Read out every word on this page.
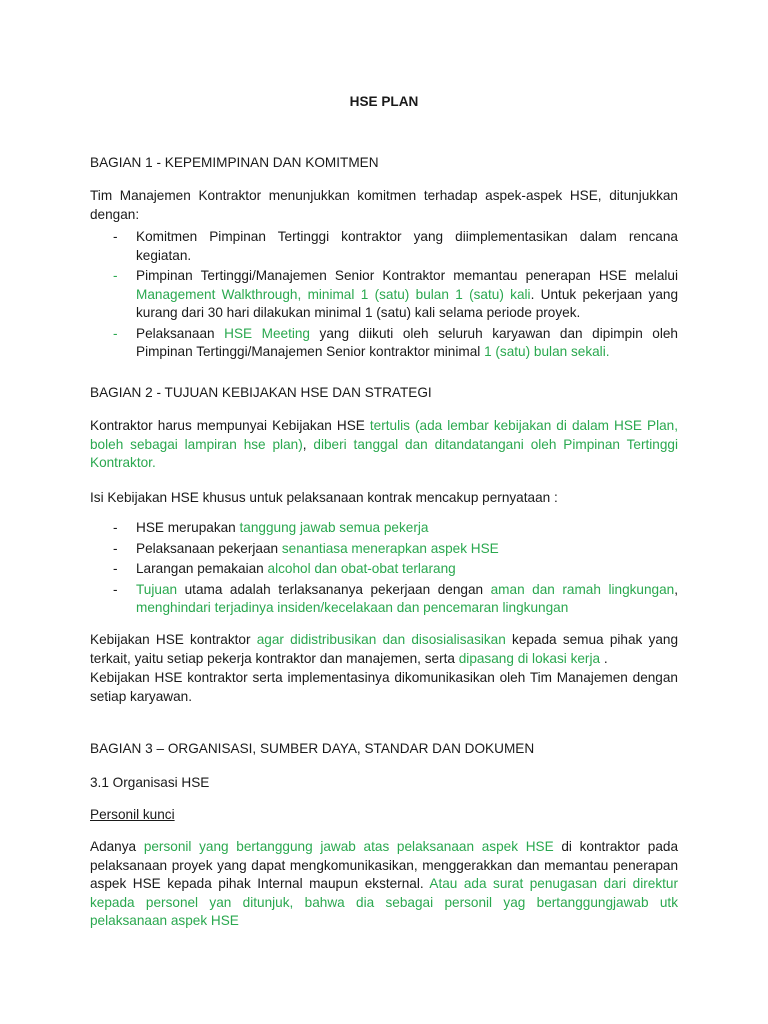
HSE PLAN
BAGIAN 1 - KEPEMIMPINAN DAN KOMITMEN
Tim Manajemen Kontraktor menunjukkan komitmen terhadap aspek-aspek HSE, ditunjukkan dengan:
- Komitmen Pimpinan Tertinggi kontraktor yang diimplementasikan dalam rencana kegiatan.
- Pimpinan Tertinggi/Manajemen Senior Kontraktor memantau penerapan HSE melalui Management Walkthrough, minimal 1 (satu) bulan 1 (satu) kali. Untuk pekerjaan yang kurang dari 30 hari dilakukan minimal 1 (satu) kali selama periode proyek.
- Pelaksanaan HSE Meeting yang diikuti oleh seluruh karyawan dan dipimpin oleh Pimpinan Tertinggi/Manajemen Senior kontraktor minimal 1 (satu) bulan sekali.
BAGIAN 2 - TUJUAN KEBIJAKAN HSE DAN STRATEGI
Kontraktor harus mempunyai Kebijakan HSE tertulis (ada lembar kebijakan di dalam HSE Plan, boleh sebagai lampiran hse plan), diberi tanggal dan ditandatangani oleh Pimpinan Tertinggi Kontraktor.
Isi Kebijakan HSE khusus untuk pelaksanaan kontrak mencakup pernyataan :
- HSE merupakan tanggung jawab semua pekerja
- Pelaksanaan pekerjaan senantiasa menerapkan aspek HSE
- Larangan pemakaian alcohol dan obat-obat terlarang
- Tujuan utama adalah terlaksananya pekerjaan dengan aman dan ramah lingkungan, menghindari terjadinya insiden/kecelakaan dan pencemaran lingkungan
Kebijakan HSE kontraktor agar didistribusikan dan disosialisasikan kepada semua pihak yang terkait, yaitu setiap pekerja kontraktor dan manajemen, serta dipasang di lokasi kerja .
Kebijakan HSE kontraktor serta implementasinya dikomunikasikan oleh Tim Manajemen dengan setiap karyawan.
BAGIAN 3 – ORGANISASI, SUMBER DAYA, STANDAR DAN DOKUMEN
3.1 Organisasi HSE
Personil kunci
Adanya personil yang bertanggung jawab atas pelaksanaan aspek HSE di kontraktor pada pelaksanaan proyek yang dapat mengkomunikasikan, menggerakkan dan memantau penerapan aspek HSE kepada pihak Internal maupun eksternal. Atau ada surat penugasan dari direktur kepada personel yan ditunjuk, bahwa dia sebagai personil yag bertanggungjawab utk pelaksanaan aspek HSE
